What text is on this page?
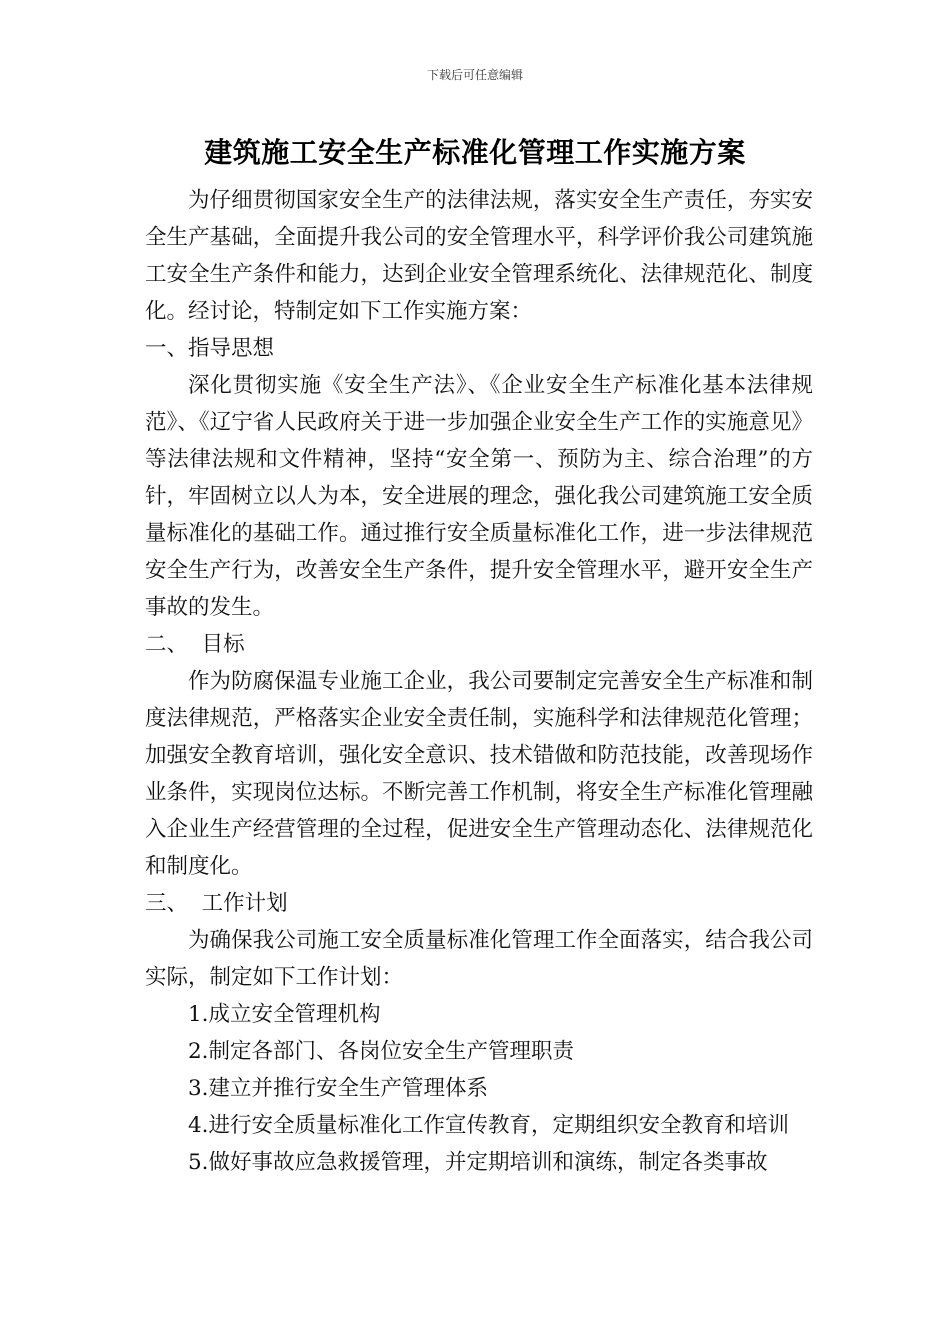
下载后可任意编辑
建筑施工安全生产标准化管理工作实施方案

为仔细贯彻国家安全生产的法律法规，落实安全生产责任，夯实安全生产基础，全面提升我公司的安全管理水平，科学评价我公司建筑施工安全生产条件和能力，达到企业安全管理系统化、法律规范化、制度化。经讨论，特制定如下工作实施方案：

一、指导思想

深化贯彻实施《安全生产法》、《企业安全生产标准化基本法律规范》、《辽宁省人民政府关于进一步加强企业安全生产工作的实施意见》等法律法规和文件精神，坚持“安全第一、预防为主、综合治理”的方针，牢固树立以人为本，安全进展的理念，强化我公司建筑施工安全质量标准化的基础工作。通过推行安全质量标准化工作，进一步法律规范安全生产行为，改善安全生产条件，提升安全管理水平，避开安全生产事故的发生。

二、  目标

作为防腐保温专业施工企业，我公司要制定完善安全生产标准和制度法律规范，严格落实企业安全责任制，实施科学和法律规范化管理；加强安全教育培训，强化安全意识、技术错做和防范技能，改善现场作业条件，实现岗位达标。不断完善工作机制，将安全生产标准化管理融入企业生产经营管理的全过程，促进安全生产管理动态化、法律规范化和制度化。

三、  工作计划

为确保我公司施工安全质量标准化管理工作全面落实，结合我公司实际，制定如下工作计划：

1.成立安全管理机构

2.制定各部门、各岗位安全生产管理职责

3.建立并推行安全生产管理体系

4.进行安全质量标准化工作宣传教育，定期组织安全教育和培训

5.做好事故应急救援管理，并定期培训和演练，制定各类事故
